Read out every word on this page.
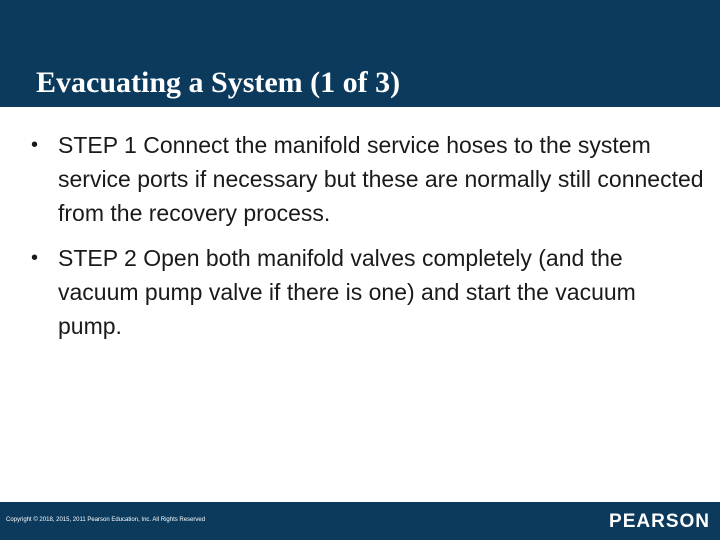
Evacuating a System (1 of 3)
• STEP 1 Connect the manifold service hoses to the system service ports if necessary but these are normally still connected from the recovery process.
• STEP 2 Open both manifold valves completely (and the vacuum pump valve if there is one) and start the vacuum pump.
Copyright © 2018, 2015, 2011 Pearson Education, Inc. All Rights Reserved	PEARSON
